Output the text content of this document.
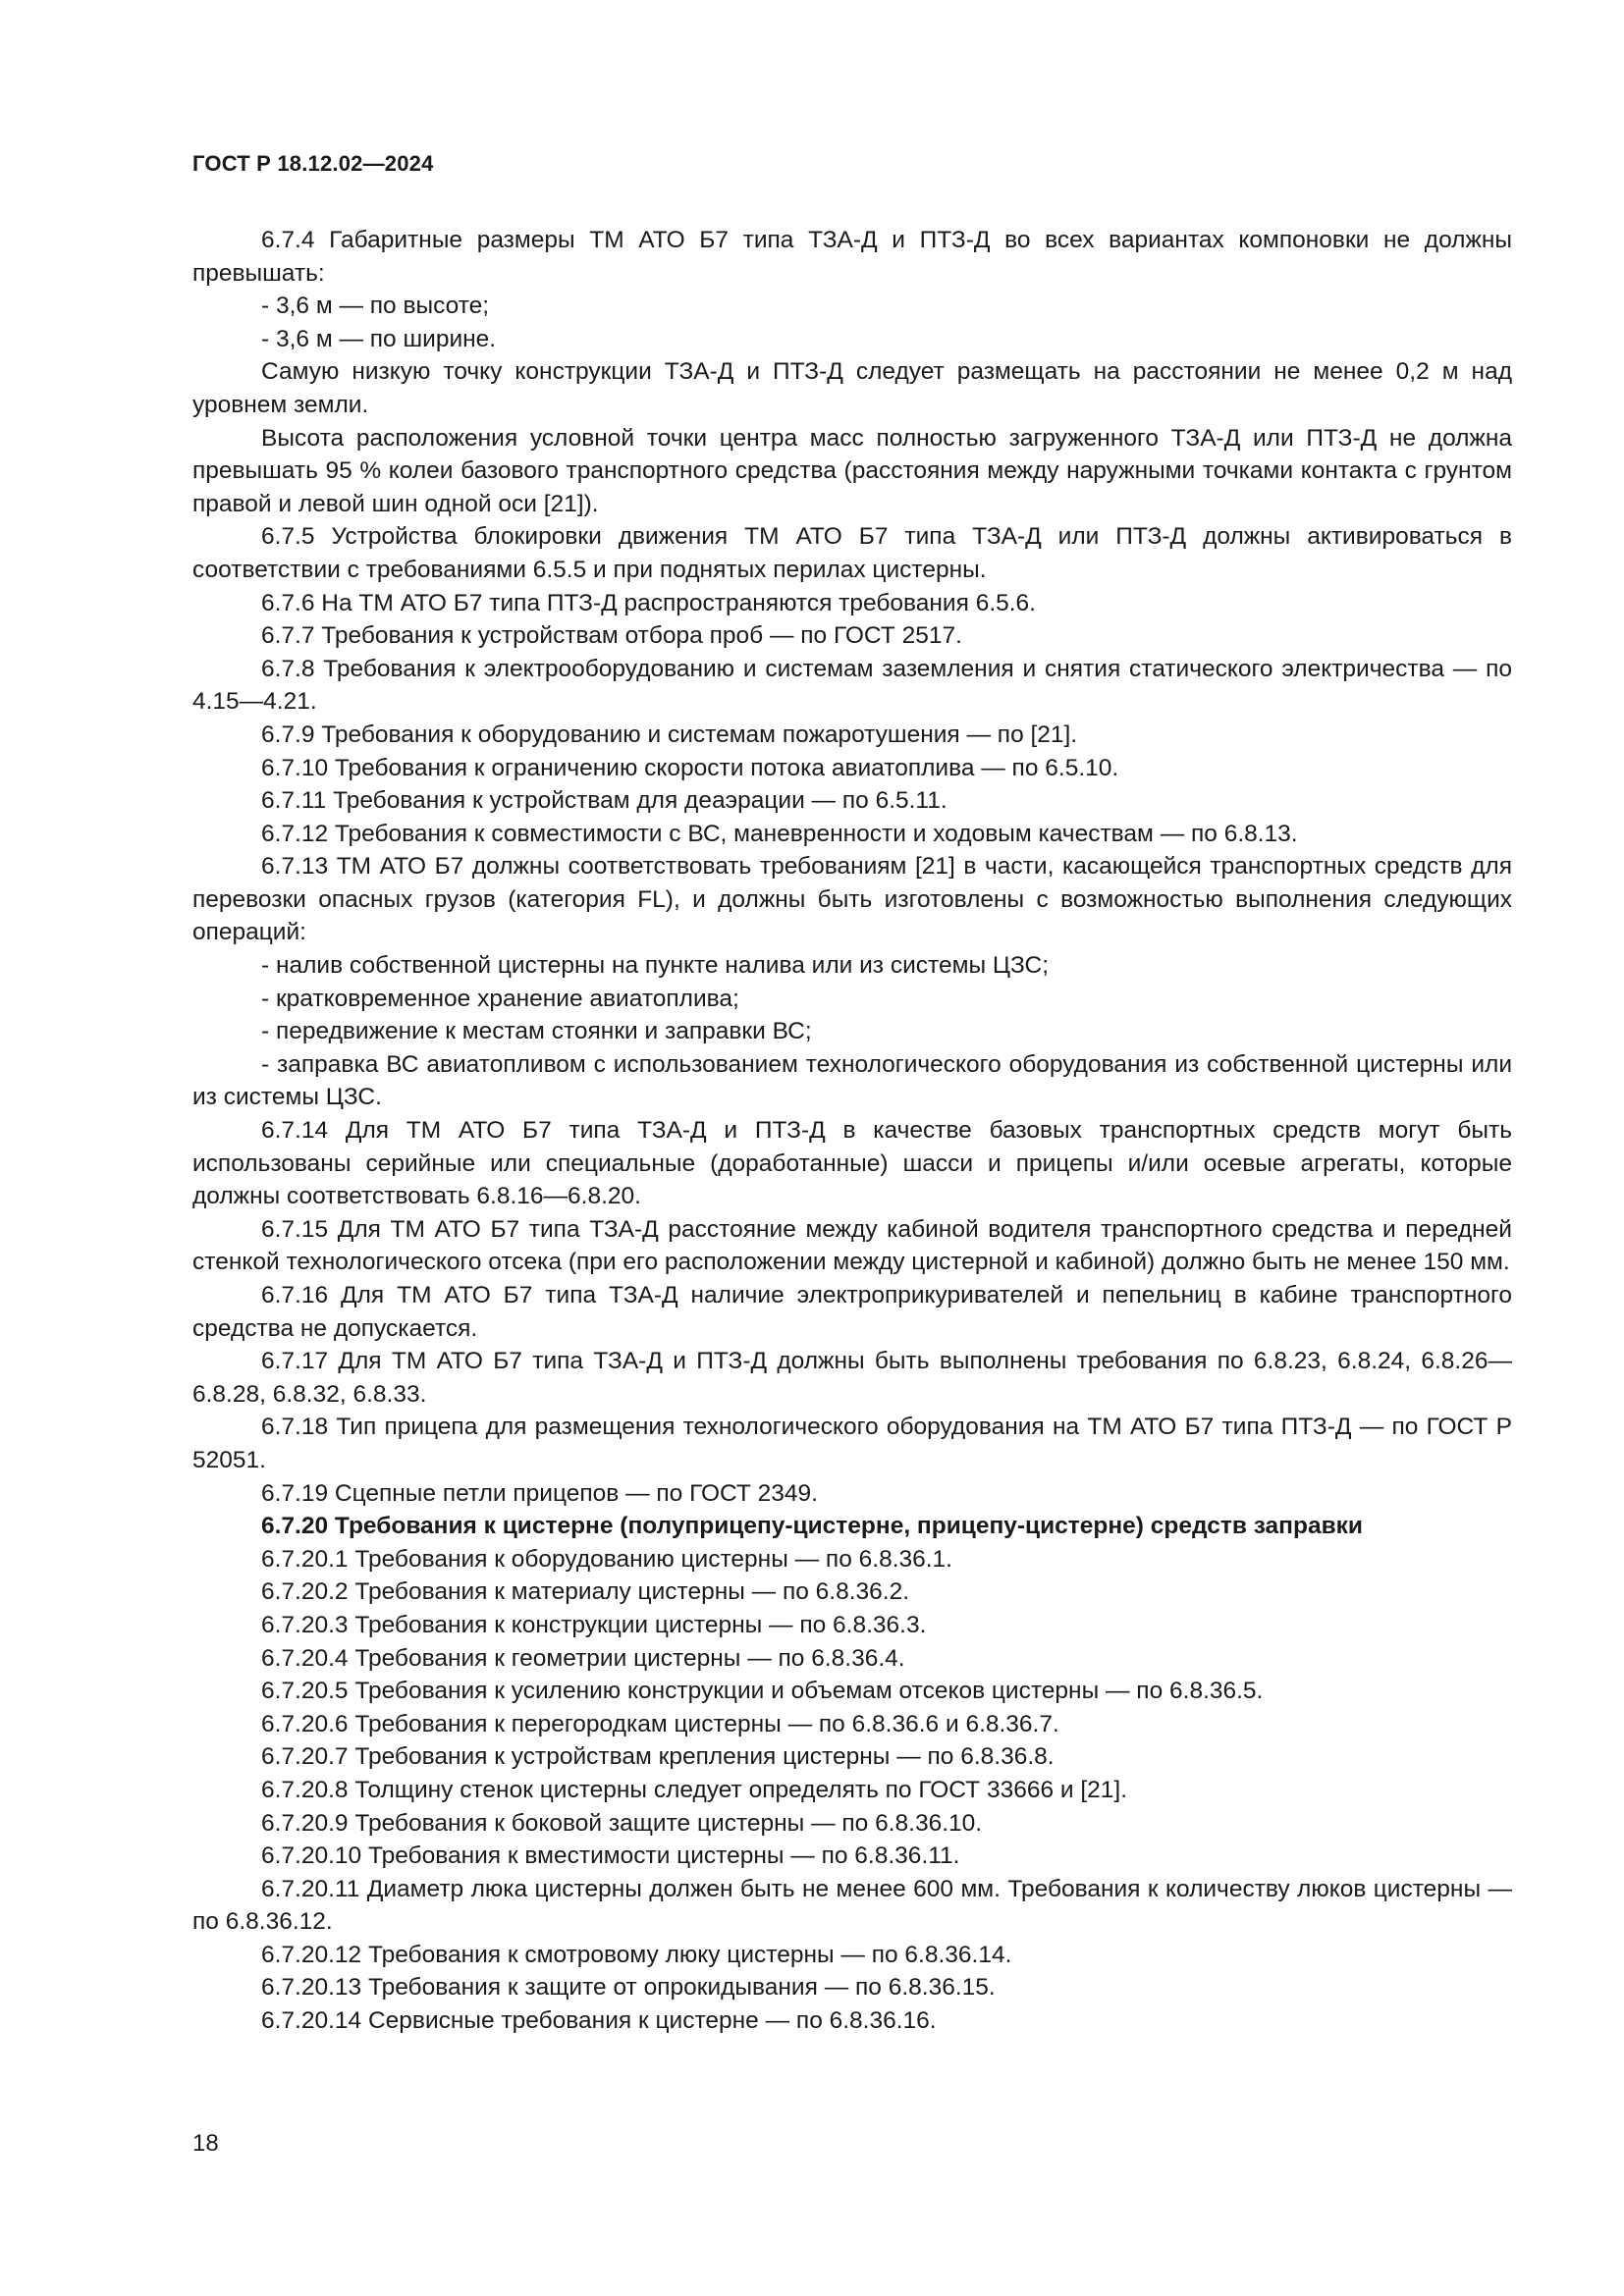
ГОСТ Р 18.12.02—2024

6.7.4 Габаритные размеры ТМ АТО Б7 типа ТЗА-Д и ПТЗ-Д во всех вариантах компоновки не должны превышать:

- 3,6 м — по высоте;

- 3,6 м — по ширине.

Самую низкую точку конструкции ТЗА-Д и ПТЗ-Д следует размещать на расстоянии не менее 0,2 м над уровнем земли.

Высота расположения условной точки центра масс полностью загруженного ТЗА-Д или ПТЗ-Д не должна превышать 95 % колеи базового транспортного средства (расстояния между наружными точками контакта с грунтом правой и левой шин одной оси [21]).

6.7.5 Устройства блокировки движения ТМ АТО Б7 типа ТЗА-Д или ПТЗ-Д должны активироваться в соответствии с требованиями 6.5.5 и при поднятых перилах цистерны.

6.7.6 На ТМ АТО Б7 типа ПТЗ-Д распространяются требования 6.5.6.

6.7.7 Требования к устройствам отбора проб — по ГОСТ 2517.

6.7.8 Требования к электрооборудованию и системам заземления и снятия статического электричества — по 4.15—4.21.

6.7.9 Требования к оборудованию и системам пожаротушения — по [21].

6.7.10 Требования к ограничению скорости потока авиатоплива — по 6.5.10.

6.7.11 Требования к устройствам для деаэрации — по 6.5.11.

6.7.12 Требования к совместимости с ВС, маневренности и ходовым качествам — по 6.8.13.

6.7.13 ТМ АТО Б7 должны соответствовать требованиям [21] в части, касающейся транспортных средств для перевозки опасных грузов (категория FL), и должны быть изготовлены с возможностью выполнения следующих операций:

- налив собственной цистерны на пункте налива или из системы ЦЗС;

- кратковременное хранение авиатоплива;

- передвижение к местам стоянки и заправки ВС;

- заправка ВС авиатопливом с использованием технологического оборудования из собственной цистерны или из системы ЦЗС.

6.7.14 Для ТМ АТО Б7 типа ТЗА-Д и ПТЗ-Д в качестве базовых транспортных средств могут быть использованы серийные или специальные (доработанные) шасси и прицепы и/или осевые агрегаты, которые должны соответствовать 6.8.16—6.8.20.

6.7.15 Для ТМ АТО Б7 типа ТЗА-Д расстояние между кабиной водителя транспортного средства и передней стенкой технологического отсека (при его расположении между цистерной и кабиной) должно быть не менее 150 мм.

6.7.16 Для ТМ АТО Б7 типа ТЗА-Д наличие электроприкуривателей и пепельниц в кабине транспортного средства не допускается.

6.7.17 Для ТМ АТО Б7 типа ТЗА-Д и ПТЗ-Д должны быть выполнены требования по 6.8.23, 6.8.24, 6.8.26—6.8.28, 6.8.32, 6.8.33.

6.7.18 Тип прицепа для размещения технологического оборудования на ТМ АТО Б7 типа ПТЗ-Д — по ГОСТ Р 52051.

6.7.19 Сцепные петли прицепов — по ГОСТ 2349.

6.7.20 Требования к цистерне (полуприцепу-цистерне, прицепу-цистерне) средств заправки

6.7.20.1 Требования к оборудованию цистерны — по 6.8.36.1.

6.7.20.2 Требования к материалу цистерны — по 6.8.36.2.

6.7.20.3 Требования к конструкции цистерны — по 6.8.36.3.

6.7.20.4 Требования к геометрии цистерны — по 6.8.36.4.

6.7.20.5 Требования к усилению конструкции и объемам отсеков цистерны — по 6.8.36.5.

6.7.20.6 Требования к перегородкам цистерны — по 6.8.36.6 и 6.8.36.7.

6.7.20.7 Требования к устройствам крепления цистерны — по 6.8.36.8.

6.7.20.8 Толщину стенок цистерны следует определять по ГОСТ 33666 и [21].

6.7.20.9 Требования к боковой защите цистерны — по 6.8.36.10.

6.7.20.10 Требования к вместимости цистерны — по 6.8.36.11.

6.7.20.11 Диаметр люка цистерны должен быть не менее 600 мм. Требования к количеству люков цистерны — по 6.8.36.12.

6.7.20.12 Требования к смотровому люку цистерны — по 6.8.36.14.

6.7.20.13 Требования к защите от опрокидывания — по 6.8.36.15.

6.7.20.14 Сервисные требования к цистерне — по 6.8.36.16.

18
